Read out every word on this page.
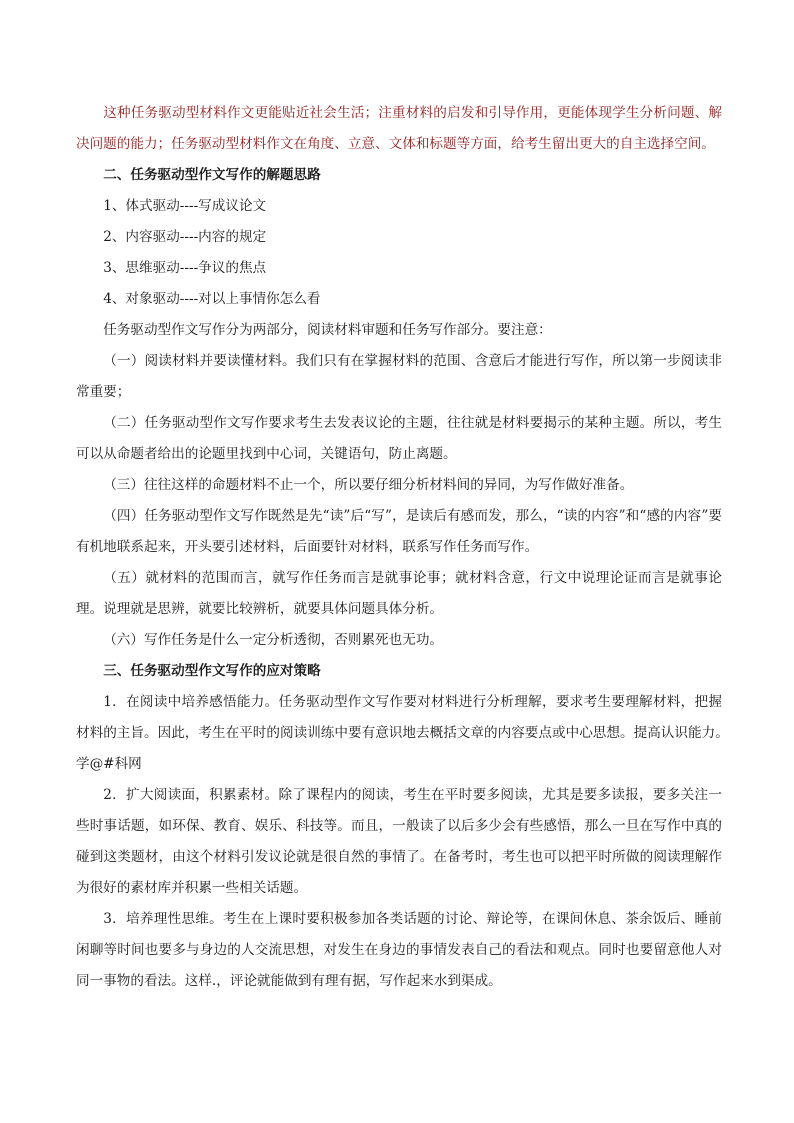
这种任务驱动型材料作文更能贴近社会生活；注重材料的启发和引导作用，更能体现学生分析问题、解决问题的能力；任务驱动型材料作文在角度、立意、文体和标题等方面，给考生留出更大的自主选择空间。

二、任务驱动型作文写作的解题思路

1、体式驱动----写成议论文

2、内容驱动----内容的规定

3、思维驱动----争议的焦点

4、对象驱动----对以上事情你怎么看

任务驱动型作文写作分为两部分，阅读材料审题和任务写作部分。要注意：

（一）阅读材料并要读懂材料。我们只有在掌握材料的范围、含意后才能进行写作，所以第一步阅读非常重要；

（二）任务驱动型作文写作要求考生去发表议论的主题，往往就是材料要揭示的某种主题。所以，考生可以从命题者给出的论题里找到中心词，关键语句，防止离题。

（三）往往这样的命题材料不止一个，所以要仔细分析材料间的异同，为写作做好准备。

（四）任务驱动型作文写作既然是先“读”后“写”，是读后有感而发，那么，“读的内容”和“感的内容”要有机地联系起来，开头要引述材料，后面要针对材料，联系写作任务而写作。

（五）就材料的范围而言，就写作任务而言是就事论事；就材料含意，行文中说理论证而言是就事论理。说理就是思辨，就要比较辨析，就要具体问题具体分析。

（六）写作任务是什么一定分析透彻，否则累死也无功。

三、任务驱动型作文写作的应对策略

1．在阅读中培养感悟能力。任务驱动型作文写作要对材料进行分析理解，要求考生要理解材料，把握材料的主旨。因此，考生在平时的阅读训练中要有意识地去概括文章的内容要点或中心思想。提高认识能力。　学@#科网

2．扩大阅读面，积累素材。除了课程内的阅读，考生在平时要多阅读，尤其是要多读报，要多关注一些时事话题，如环保、教育、娱乐、科技等。而且，一般读了以后多少会有些感悟，那么一旦在写作中真的碰到这类题材，由这个材料引发议论就是很自然的事情了。在备考时，考生也可以把平时所做的阅读理解作为很好的素材库并积累一些相关话题。

3．培养理性思维。考生在上课时要积极参加各类话题的讨论、辩论等，在课间休息、茶余饭后、睡前闲聊等时间也要多与身边的人交流思想，对发生在身边的事情发表自己的看法和观点。同时也要留意他人对同一事物的看法。这样.，评论就能做到有理有据，写作起来水到渠成。
